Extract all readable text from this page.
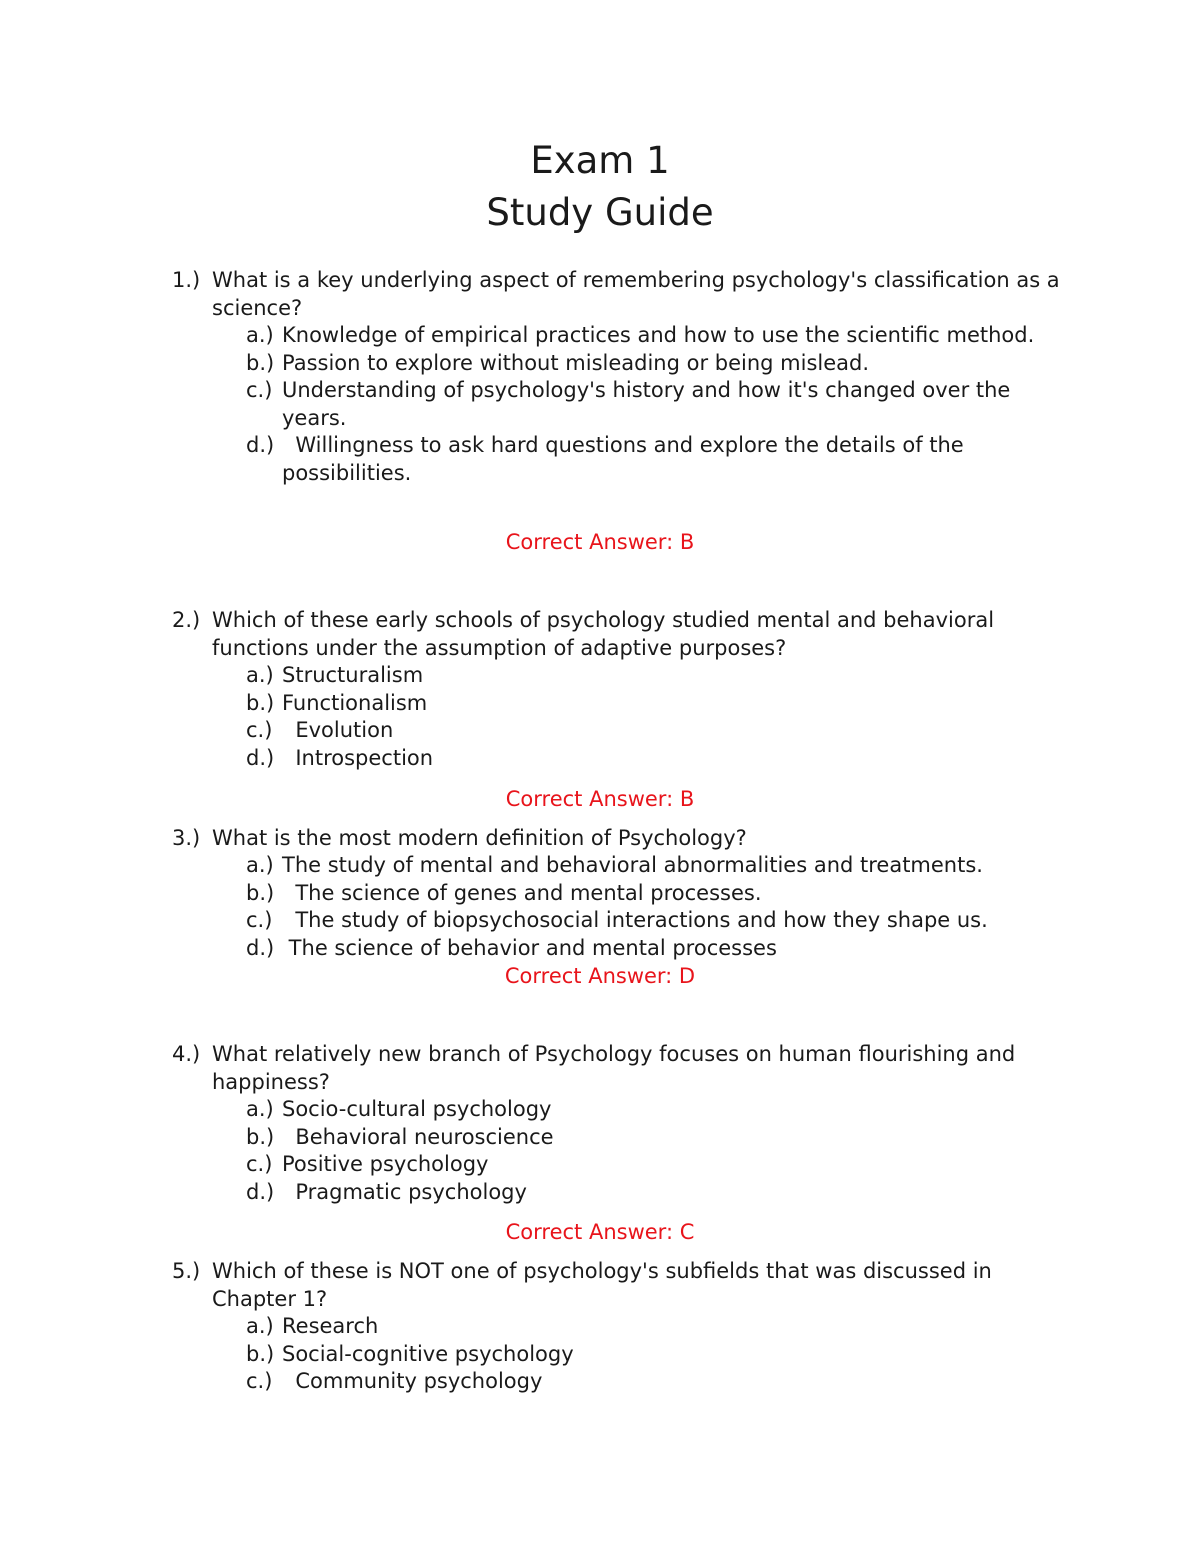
Exam 1
Study Guide
1.) What is a key underlying aspect of remembering psychology's classification as a science?
a.) Knowledge of empirical practices and how to use the scientific method.
b.) Passion to explore without misleading or being mislead.
c.) Understanding of psychology's history and how it's changed over the years.
d.) Willingness to ask hard questions and explore the details of the possibilities.
Correct Answer: B
2.) Which of these early schools of psychology studied mental and behavioral functions under the assumption of adaptive purposes?
a.) Structuralism
b.) Functionalism
c.) Evolution
d.) Introspection
Correct Answer: B
3.) What is the most modern definition of Psychology?
a.) The study of mental and behavioral abnormalities and treatments.
b.) The science of genes and mental processes.
c.) The study of biopsychosocial interactions and how they shape us.
d.) The science of behavior and mental processes
Correct Answer: D
4.) What relatively new branch of Psychology focuses on human flourishing and happiness?
a.) Socio-cultural psychology
b.) Behavioral neuroscience
c.) Positive psychology
d.) Pragmatic psychology
Correct Answer: C
5.) Which of these is NOT one of psychology's subfields that was discussed in Chapter 1?
a.) Research
b.) Social-cognitive psychology
c.) Community psychology
